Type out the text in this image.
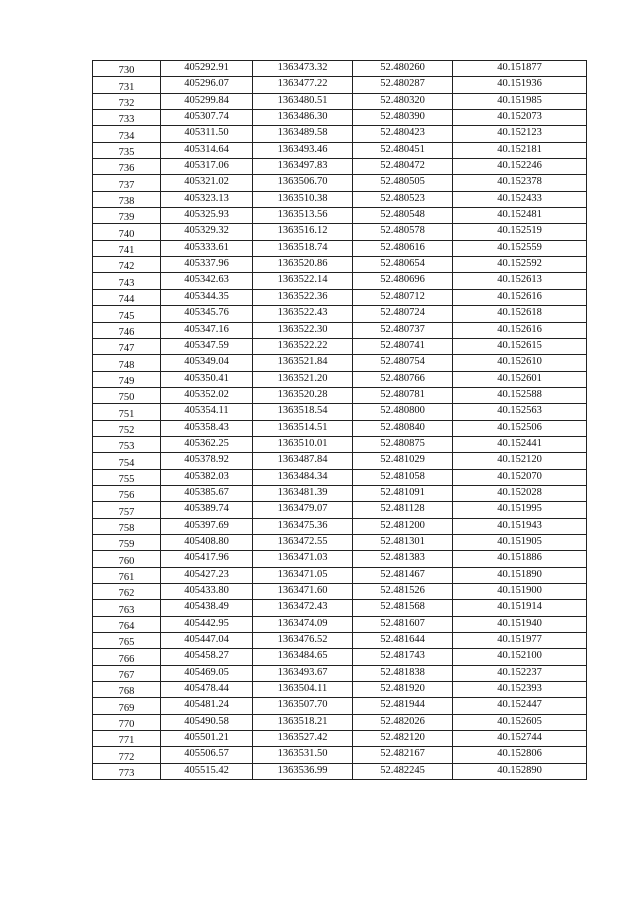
730	405292.91	1363473.32	52.480260	40.151877
731	405296.07	1363477.22	52.480287	40.151936
732	405299.84	1363480.51	52.480320	40.151985
733	405307.74	1363486.30	52.480390	40.152073
734	405311.50	1363489.58	52.480423	40.152123
735	405314.64	1363493.46	52.480451	40.152181
736	405317.06	1363497.83	52.480472	40.152246
737	405321.02	1363506.70	52.480505	40.152378
738	405323.13	1363510.38	52.480523	40.152433
739	405325.93	1363513.56	52.480548	40.152481
740	405329.32	1363516.12	52.480578	40.152519
741	405333.61	1363518.74	52.480616	40.152559
742	405337.96	1363520.86	52.480654	40.152592
743	405342.63	1363522.14	52.480696	40.152613
744	405344.35	1363522.36	52.480712	40.152616
745	405345.76	1363522.43	52.480724	40.152618
746	405347.16	1363522.30	52.480737	40.152616
747	405347.59	1363522.22	52.480741	40.152615
748	405349.04	1363521.84	52.480754	40.152610
749	405350.41	1363521.20	52.480766	40.152601
750	405352.02	1363520.28	52.480781	40.152588
751	405354.11	1363518.54	52.480800	40.152563
752	405358.43	1363514.51	52.480840	40.152506
753	405362.25	1363510.01	52.480875	40.152441
754	405378.92	1363487.84	52.481029	40.152120
755	405382.03	1363484.34	52.481058	40.152070
756	405385.67	1363481.39	52.481091	40.152028
757	405389.74	1363479.07	52.481128	40.151995
758	405397.69	1363475.36	52.481200	40.151943
759	405408.80	1363472.55	52.481301	40.151905
760	405417.96	1363471.03	52.481383	40.151886
761	405427.23	1363471.05	52.481467	40.151890
762	405433.80	1363471.60	52.481526	40.151900
763	405438.49	1363472.43	52.481568	40.151914
764	405442.95	1363474.09	52.481607	40.151940
765	405447.04	1363476.52	52.481644	40.151977
766	405458.27	1363484.65	52.481743	40.152100
767	405469.05	1363493.67	52.481838	40.152237
768	405478.44	1363504.11	52.481920	40.152393
769	405481.24	1363507.70	52.481944	40.152447
770	405490.58	1363518.21	52.482026	40.152605
771	405501.21	1363527.42	52.482120	40.152744
772	405506.57	1363531.50	52.482167	40.152806
773	405515.42	1363536.99	52.482245	40.152890
